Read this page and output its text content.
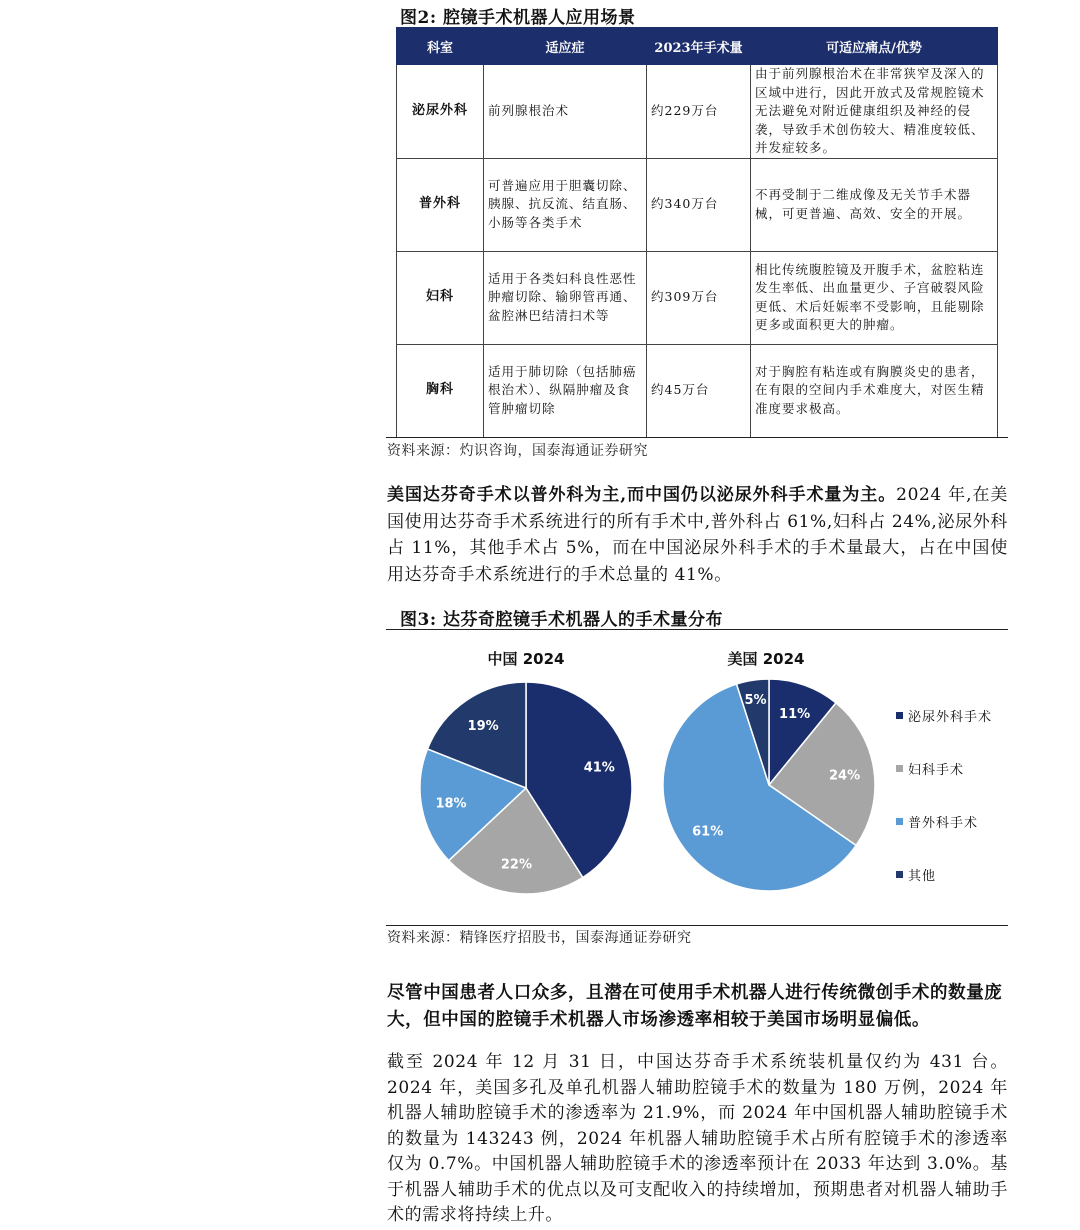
图2: 腔镜手术机器人应用场景
科室	适应症	2023年手术量	可适应痛点/优势
泌尿外科	前列腺根治术	约229万台	由于前列腺根治术在非常狭窄及深入的区域中进行，因此开放式及常规腔镜术无法避免对附近健康组织及神经的侵袭，导致手术创伤较大、精准度较低、并发症较多。
普外科	可普遍应用于胆囊切除、胰腺、抗反流、结直肠、小肠等各类手术	约340万台	不再受制于二维成像及无关节手术器械，可更普遍、高效、安全的开展。
妇科	适用于各类妇科良性恶性肿瘤切除、输卵管再通、盆腔淋巴结清扫术等	约309万台	相比传统腹腔镜及开腹手术，盆腔粘连发生率低、出血量更少、子宫破裂风险更低、术后妊娠率不受影响，且能剔除更多或面积更大的肿瘤。
胸科	适用于肺切除（包括肺癌根治术）、纵隔肿瘤及食管肿瘤切除	约45万台	对于胸腔有粘连或有胸膜炎史的患者，在有限的空间内手术难度大，对医生精准度要求极高。
资料来源：灼识咨询，国泰海通证券研究
美国达芬奇手术以普外科为主,而中国仍以泌尿外科手术量为主。2024 年,在美国使用达芬奇手术系统进行的所有手术中,普外科占 61%,妇科占 24%,泌尿外科占 11%，其他手术占 5%，而在中国泌尿外科手术的手术量最大，占在中国使用达芬奇手术系统进行的手术总量的 41%。
图3: 达芬奇腔镜手术机器人的手术量分布
中国 2024	美国 2024
41%
22%
18%
19%
11%
24%
61%
5%
泌尿外科手术
妇科手术
普外科手术
其他
资料来源：精锋医疗招股书，国泰海通证券研究
尽管中国患者人口众多，且潜在可使用手术机器人进行传统微创手术的数量庞大，但中国的腔镜手术机器人市场渗透率相较于美国市场明显偏低。
截至 2024 年 12 月 31 日，中国达芬奇手术系统装机量仅约为 431 台。2024 年，美国多孔及单孔机器人辅助腔镜手术的数量为 180 万例，2024 年机器人辅助腔镜手术的渗透率为 21.9%，而 2024 年中国机器人辅助腔镜手术的数量为 143243 例，2024 年机器人辅助腔镜手术占所有腔镜手术的渗透率仅为 0.7%。中国机器人辅助腔镜手术的渗透率预计在 2033 年达到 3.0%。基于机器人辅助手术的优点以及可支配收入的持续增加，预期患者对机器人辅助手术的需求将持续上升。
